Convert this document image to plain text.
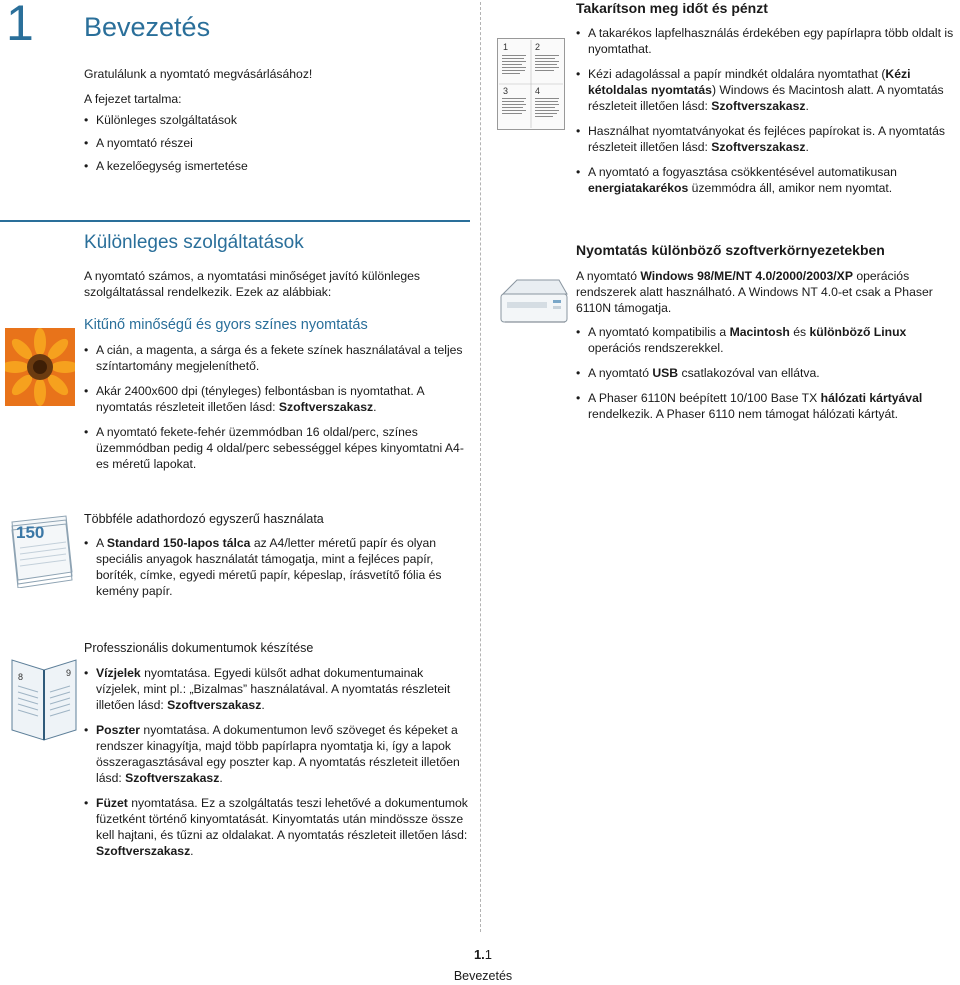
1 Bevezetés
Gratulálunk a nyomtató megvásárlásához!
A fejezet tartalma:
• Különleges szolgáltatások
• A nyomtató részei
• A kezelőegység ismertetése
1	2
3	4
Takarítson meg időt és pénzt
• A takarékos lapfelhasználás érdekében egy papírlapra több oldalt is nyomtathat.
• Kézi adagolással a papír mindkét oldalára nyomtathat (Kézi kétoldalas nyomtatás) Windows és Macintosh alatt. A nyomtatás részleteit illetően lásd: Szoftverszakasz.
• Használhat nyomtatványokat és fejléces papírokat is. A nyomtatás részleteit illetően lásd: Szoftverszakasz.
• A nyomtató a fogyasztása csökkentésével automatikusan energiatakarékos üzemmódra áll, amikor nem nyomtat.
Különleges szolgáltatások
A nyomtató számos, a nyomtatási minőséget javító különleges szolgáltatással rendelkezik. Ezek az alábbiak:
Kitűnő minőségű és gyors színes nyomtatás
• A cián, a magenta, a sárga és a fekete színek használatával a teljes színtartomány megjeleníthető.
• Akár 2400x600 dpi (tényleges) felbontásban is nyomtathat. A nyomtatás részleteit illetően lásd: Szoftverszakasz.
• A nyomtató fekete-fehér üzemmódban 16 oldal/perc, színes üzemmódban pedig 4 oldal/perc sebességgel képes kinyomtatni A4-es méretű lapokat.
Nyomtatás különböző szoftverkörnyezetekben
A nyomtató Windows 98/ME/NT 4.0/2000/2003/XP operációs rendszerek alatt használható. A Windows NT 4.0-et csak a Phaser 6110N támogatja.
• A nyomtató kompatibilis a Macintosh és különböző Linux operációs rendszerekkel.
• A nyomtató USB csatlakozóval van ellátva.
• A Phaser 6110N beépített 10/100 Base TX hálózati kártyával rendelkezik. A Phaser 6110 nem támogat hálózati kártyát.
150
Többféle adathordozó egyszerű használata
• A Standard 150-lapos tálca az A4/letter méretű papír és olyan speciális anyagok használatát támogatja, mint a fejléces papír, boríték, címke, egyedi méretű papír, képeslap, írásvetítő fólia és kemény papír.
8	9
Professzionális dokumentumok készítése
• Vízjelek nyomtatása. Egyedi külsőt adhat dokumentumainak vízjelek, mint pl.: „Bizalmas” használatával. A nyomtatás részleteit illetően lásd: Szoftverszakasz.
• Poszter nyomtatása. A dokumentumon levő szöveget és képeket a rendszer kinagyítja, majd több papírlapra nyomtatja ki, így a lapok összeragasztásával egy poszter kap. A nyomtatás részleteit illetően lásd: Szoftverszakasz.
• Füzet nyomtatása. Ez a szolgáltatás teszi lehetővé a dokumentumok füzetként történő kinyomtatását. Kinyomtatás után mindössze össze kell hajtani, és tűzni az oldalakat. A nyomtatás részleteit illetően lásd: Szoftverszakasz.
1.1
Bevezetés
